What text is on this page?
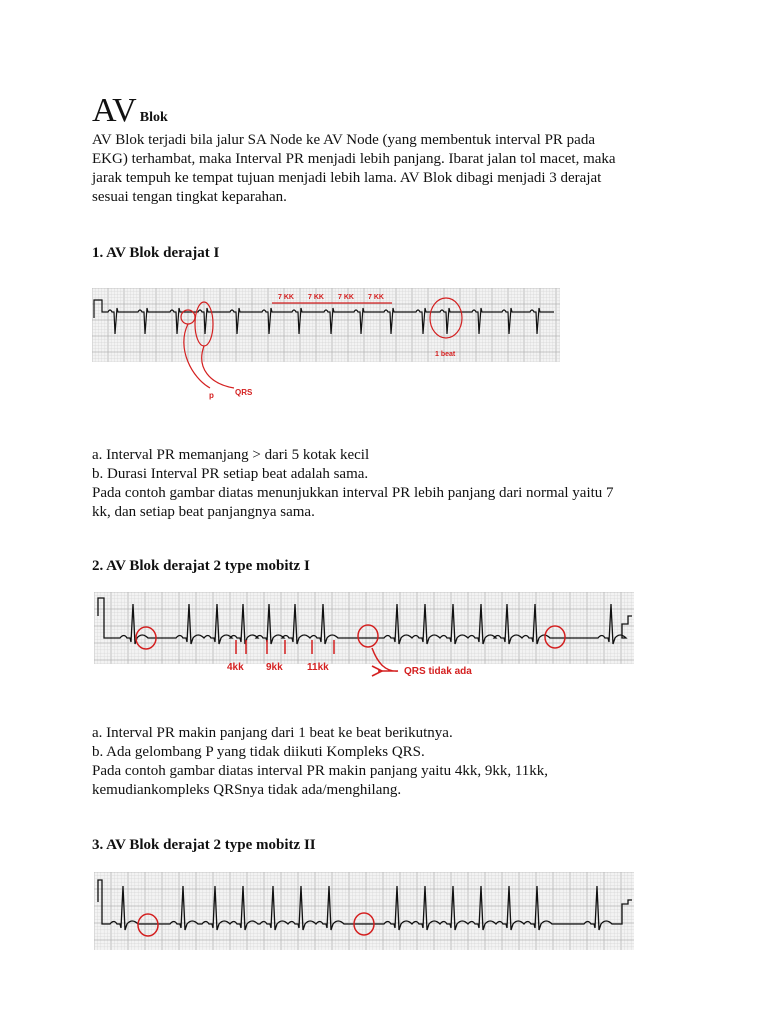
AV Blok

AV Blok terjadi bila jalur SA Node ke AV Node (yang membentuk interval PR pada
EKG) terhambat, maka Interval PR menjadi lebih panjang. Ibarat jalan tol macet, maka
jarak tempuh ke tempat tujuan menjadi lebih lama. AV Blok dibagi menjadi 3 derajat
sesuai tengan tingkat keparahan.

1. AV Blok derajat I
7 KK 7 KK 7 KK 7 KK
1 beat
p	QRS

a. Interval PR memanjang > dari 5 kotak kecil
b. Durasi Interval PR setiap beat adalah sama.
Pada contoh gambar diatas menunjukkan interval PR lebih panjang dari normal yaitu 7
kk, dan setiap beat panjangnya sama.

2. AV Blok derajat 2 type mobitz I
4kk 9kk 11kk	QRS tidak ada

a. Interval PR makin panjang dari 1 beat ke beat berikutnya.
b. Ada gelombang P yang tidak diikuti Kompleks QRS.
Pada contoh gambar diatas interval PR makin panjang yaitu 4kk, 9kk, 11kk,
kemudiankompleks QRSnya tidak ada/menghilang.

3. AV Blok derajat 2 type mobitz II
